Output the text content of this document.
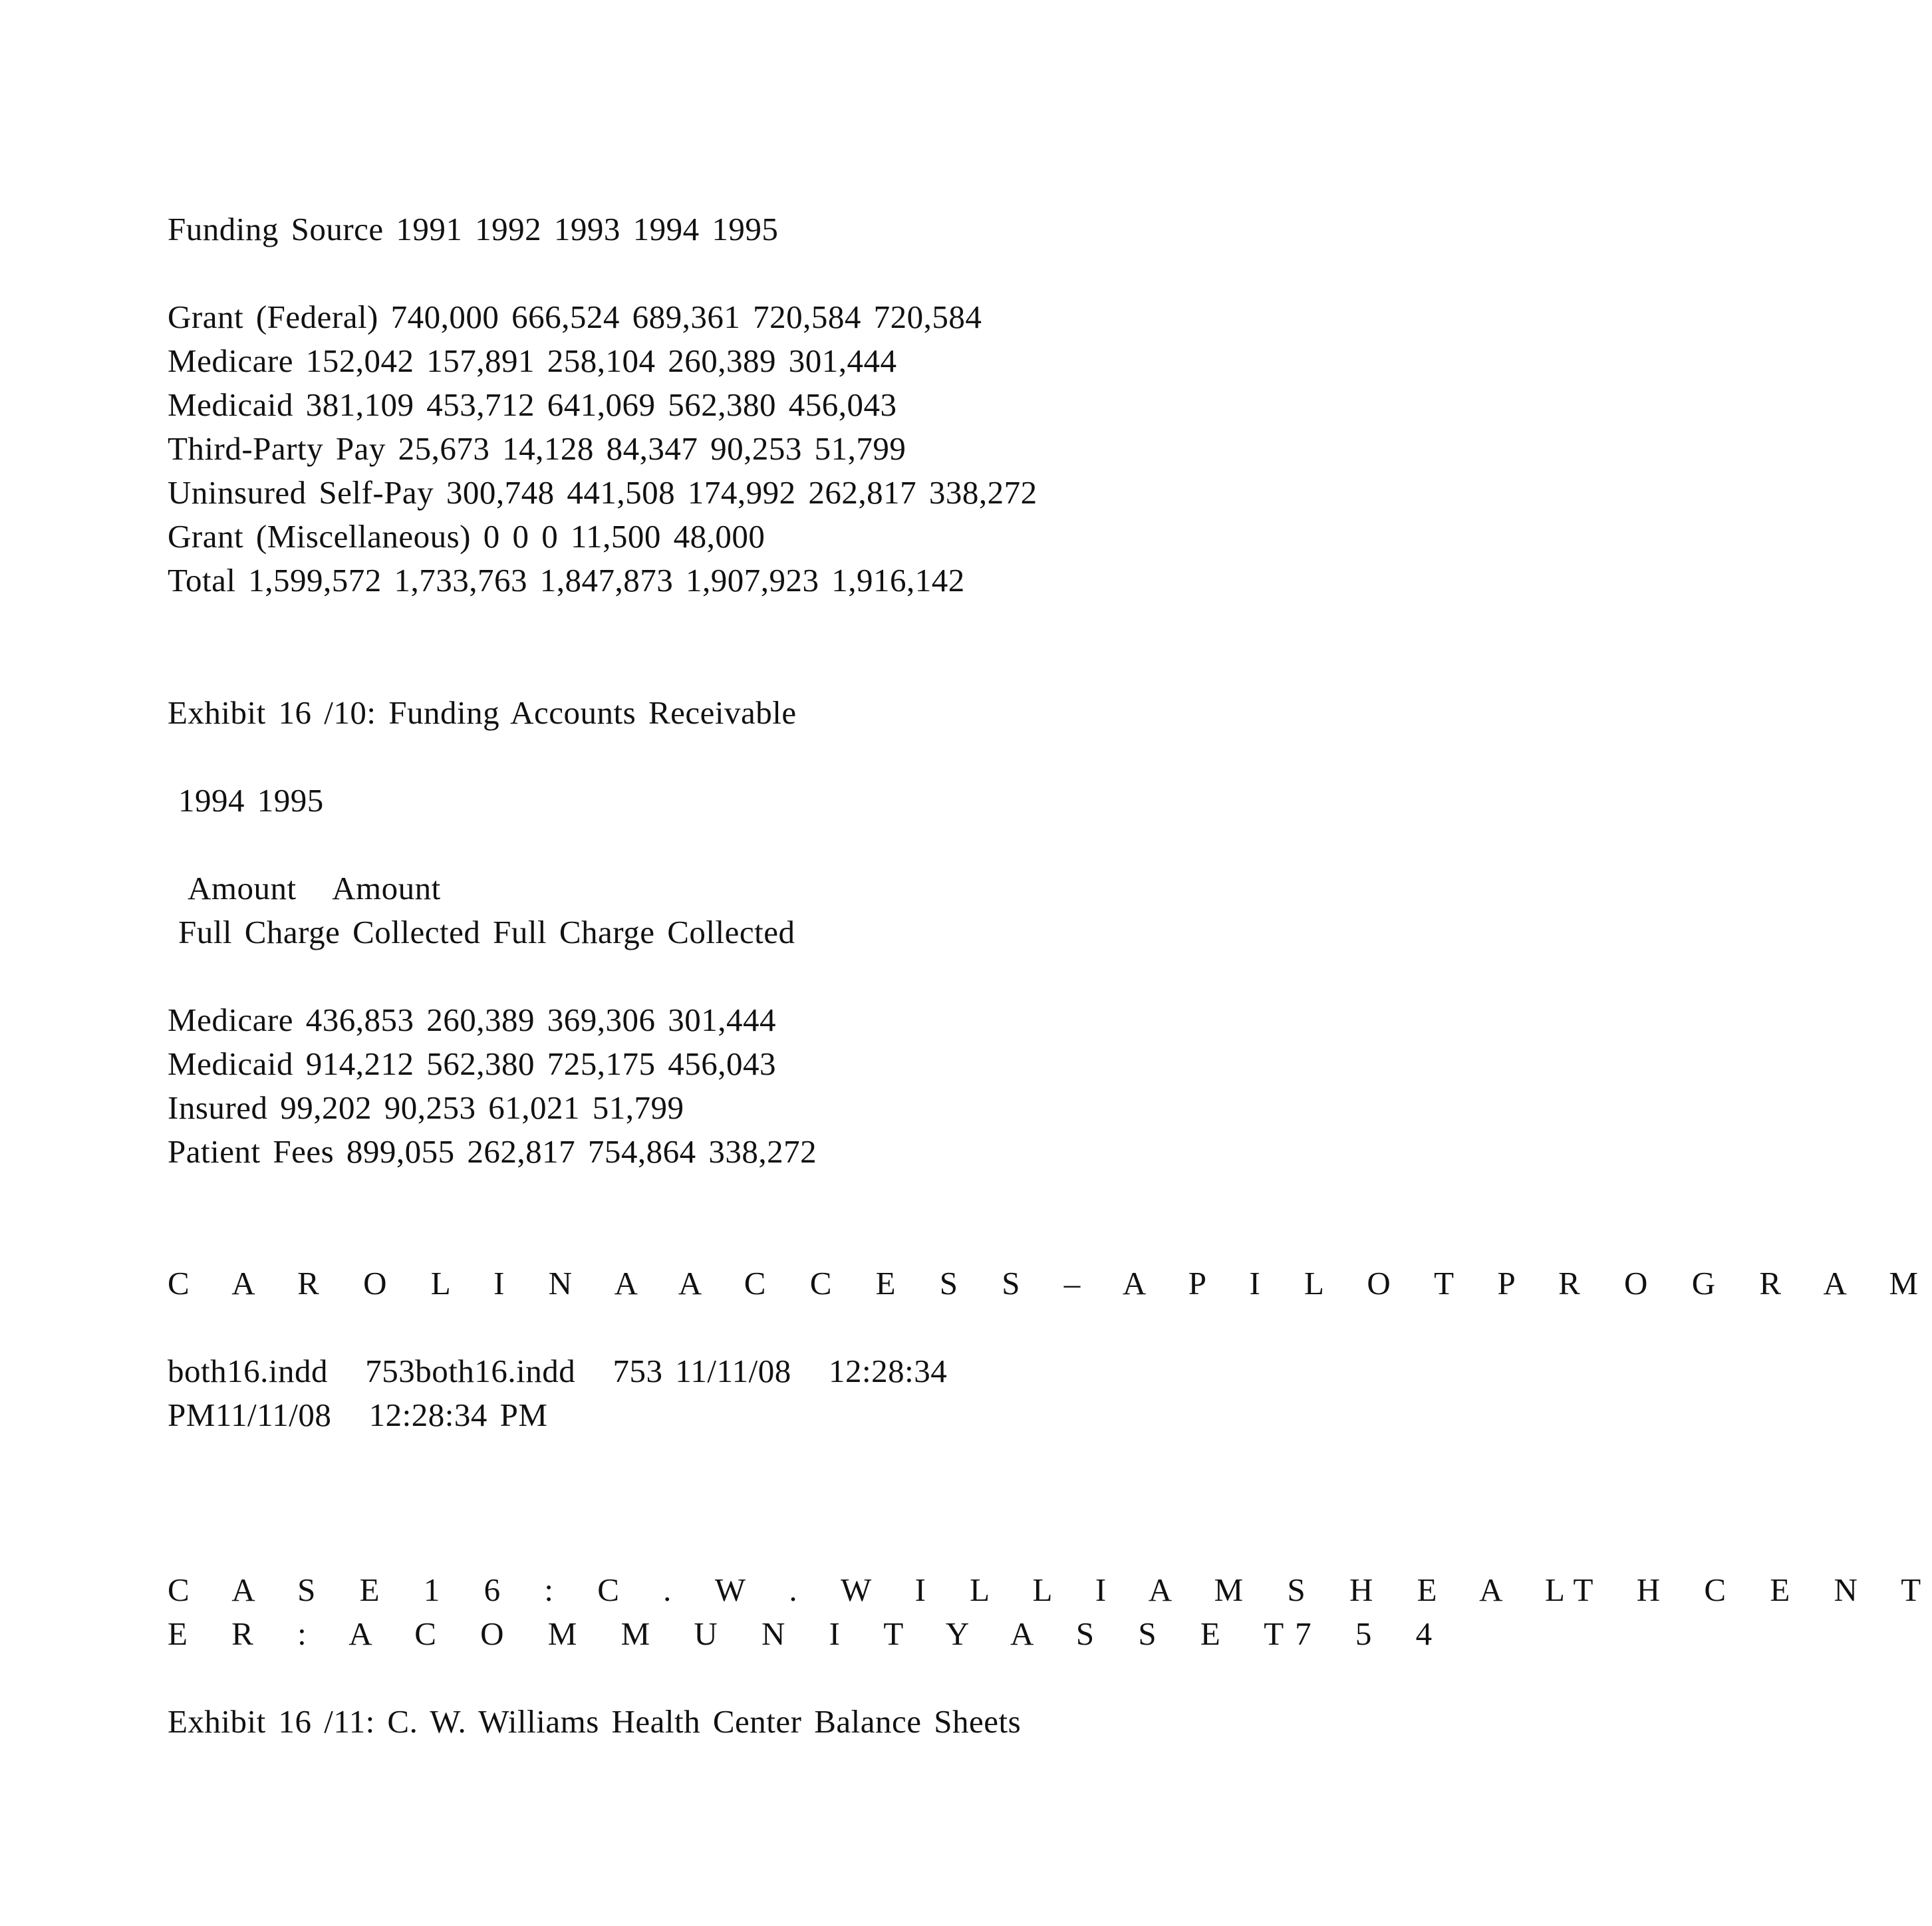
Funding Source 1991 1992 1993 1994 1995
Grant (Federal) 740,000 666,524 689,361 720,584 720,584
Medicare 152,042 157,891 258,104 260,389 301,444
Medicaid 381,109 453,712 641,069 562,380 456,043
Third-Party Pay 25,673 14,128 84,347 90,253 51,799
Uninsured Self-Pay 300,748 441,508 174,992 262,817 338,272
Grant (Miscellaneous) 0 0 0 11,500 48,000
Total 1,599,572 1,733,763 1,847,873 1,907,923 1,916,142
Exhibit 16 /10: Funding Accounts Receivable
1994 1995
Amount   Amount
Full Charge Collected Full Charge Collected
Medicare 436,853 260,389 369,306 301,444
Medicaid 914,212 562,380 725,175 456,043
Insured 99,202 90,253 61,021 51,799
Patient Fees 899,055 262,817 754,864 338,272
C A R O L I N A A C C E S S – A P I L O T P R O G R A M
both16.indd   753both16.indd   753 11/11/08   12:28:34
PM11/11/08   12:28:34 PM
C A S E 1 6 : C . W . W I L L I A M S H E A LT H C E N T
E R : A C O M M U N I T Y A S S E T7 5 4
Exhibit 16 /11: C. W. Williams Health Center Balance Sheets
